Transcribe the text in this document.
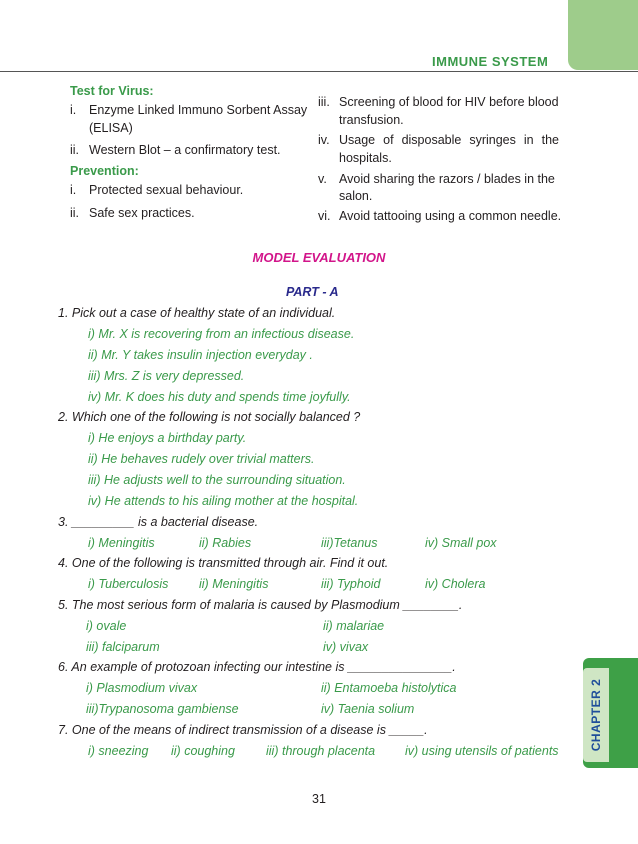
IMMUNE SYSTEM
Test for Virus:
i. Enzyme Linked Immuno Sorbent Assay
(ELISA)
ii. Western Blot – a confirmatory test.
Prevention:
i. Protected sexual behaviour.
ii. Safe sex practices.
iii. Screening of blood for HIV before blood
transfusion.
iv. Usage of disposable syringes in the
hospitals.
v. Avoid sharing the razors / blades in the
salon.
vi. Avoid tattooing using a common needle.
MODEL EVALUATION
PART - A
1. Pick out a case of healthy state of an individual.
i) Mr. X is recovering from an infectious disease.
ii) Mr. Y takes insulin injection everyday .
iii) Mrs. Z is very depressed.
iv) Mr. K does his duty and spends time joyfully.
2. Which one of the following is not socially balanced ?
i) He enjoys a birthday party.
ii) He behaves rudely over trivial matters.
iii) He adjusts well to the surrounding situation.
iv) He attends to his ailing mother at the hospital.
3. _________ is a bacterial disease.
i) Meningitis	ii) Rabies	iii)Tetanus	iv) Small pox
4. One of the following is transmitted through air. Find it out.
i) Tuberculosis ii) Meningitis	iii) Typhoid	iv) Cholera
5. The most serious form of malaria is caused by Plasmodium ________.
i) ovale	ii) malariae
iii) falciparum	iv) vivax
6. An example of protozoan infecting our intestine is _______________.
i) Plasmodium vivax	ii) Entamoeba histolytica
iii)Trypanosoma gambiense	iv) Taenia solium
7. One of the means of indirect transmission of a disease is _____.
i) sneezing ii) coughing iii) through placenta iv) using utensils of patients	CHAPTER 2
31
